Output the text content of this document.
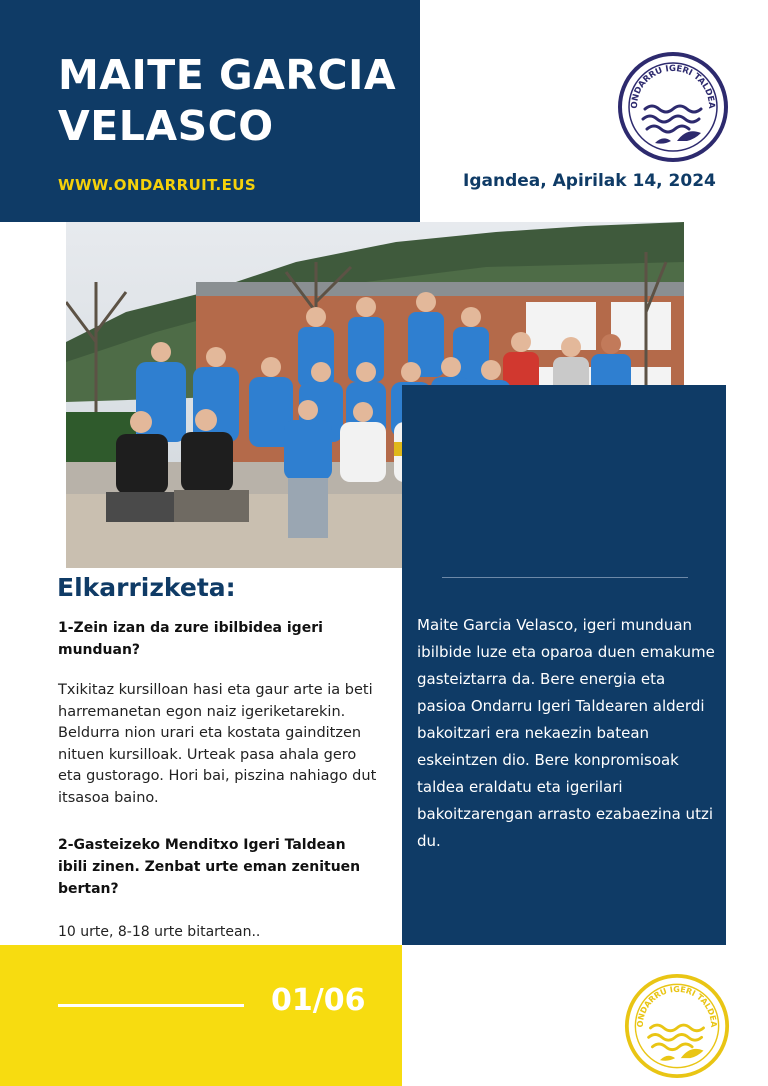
MAITE GARCIA VELASCO
WWW.ONDARRUIT.EUS	Igandea, Apirilak 14, 2024
ONDARRU IGERI TALDEA
Maite Garcia Velasco, igeri munduan ibilbide luze eta oparoa duen emakume gasteiztarra da. Bere energia eta pasioa Ondarru Igeri Taldearen alderdi bakoitzari era nekaezin batean eskeintzen dio. Bere konpromisoak taldea eraldatu eta igerilari bakoitzarengan arrasto ezabaezina utzi du.
Elkarrizketa:
1-Zein izan da zure ibilbidea igeri munduan?
Txikitaz kursilloan hasi eta gaur arte ia beti harremanetan egon naiz igeriketarekin. Beldurra nion urari eta kostata gainditzen nituen kursilloak. Urteak pasa ahala gero eta gustorago. Hori bai, piszina nahiago dut itsasoa baino.
2-Gasteizeko Menditxo Igeri Taldean ibili zinen. Zenbat urte eman zenituen bertan?
10 urte, 8-18 urte bitartean..
01/06
ONDARRU IGERI TALDEA
